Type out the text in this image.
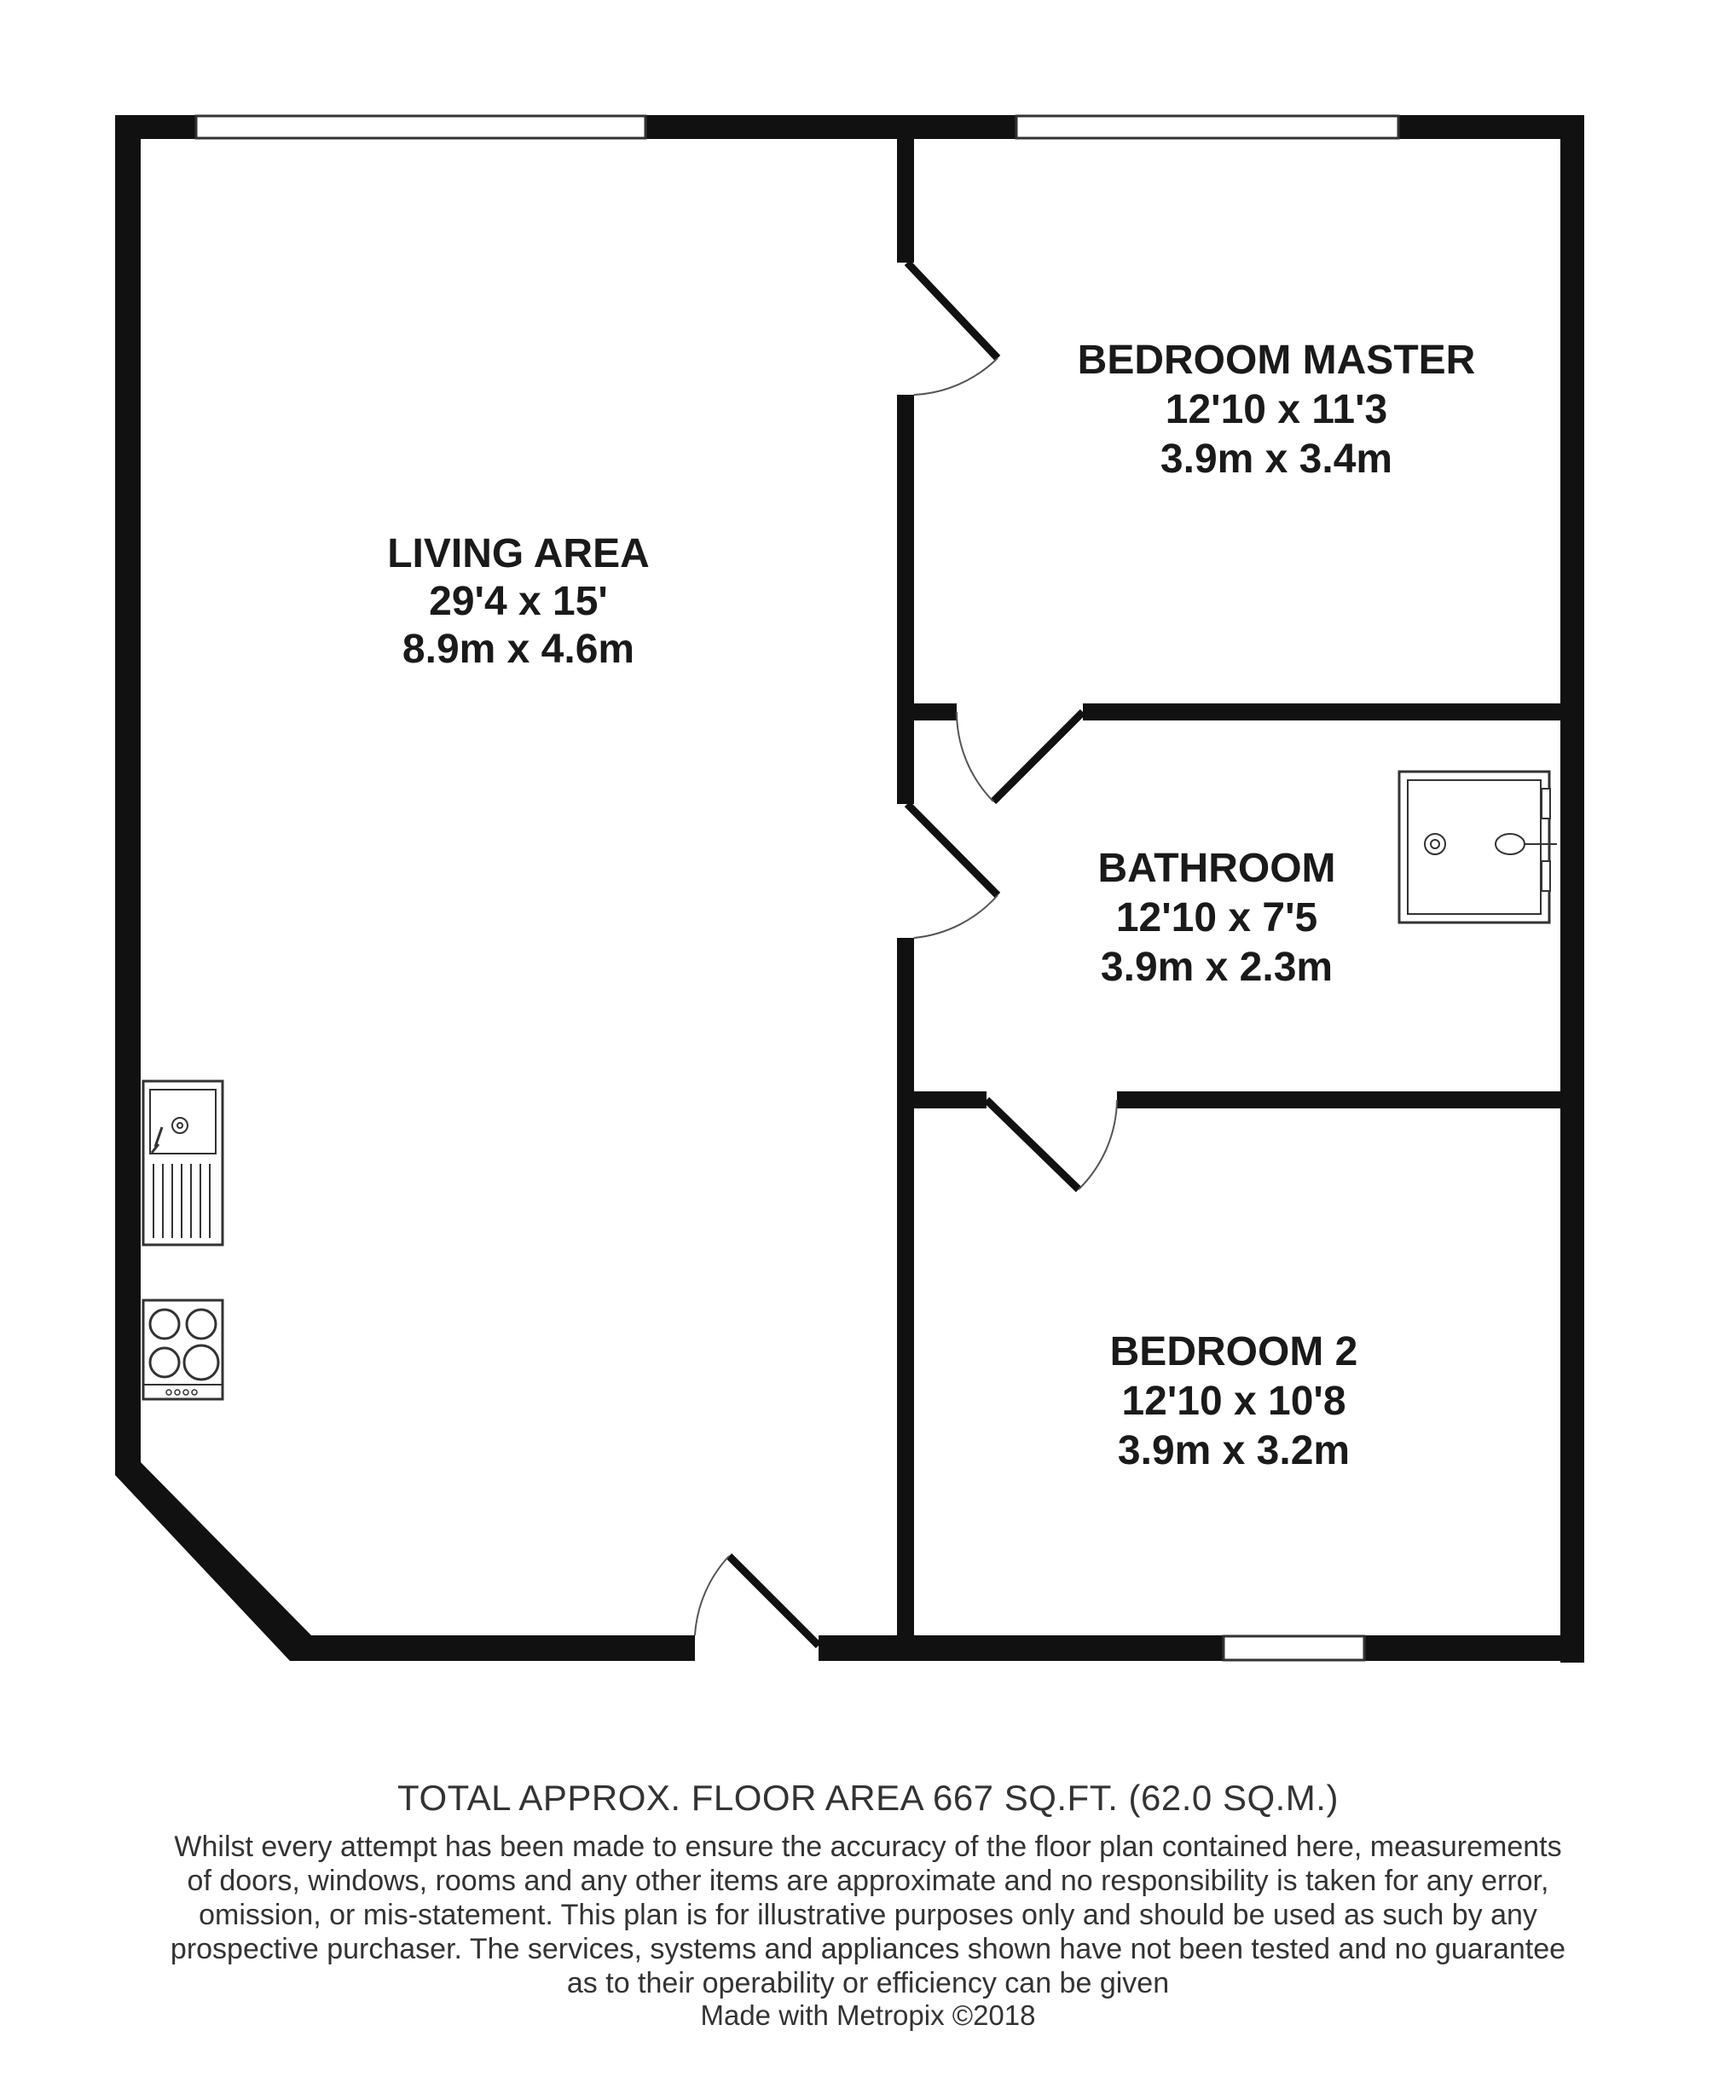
LIVING AREA
29'4 x 15'
8.9m x 4.6m
BEDROOM MASTER
12'10 x 11'3
3.9m x 3.4m
BATHROOM
12'10 x 7'5
3.9m x 2.3m
BEDROOM 2
12'10 x 10'8
3.9m x 3.2m
TOTAL APPROX. FLOOR AREA 667 SQ.FT. (62.0 SQ.M.)
Whilst every attempt has been made to ensure the accuracy of the floor plan contained here, measurements
of doors, windows, rooms and any other items are approximate and no responsibility is taken for any error,
omission, or mis-statement. This plan is for illustrative purposes only and should be used as such by any
prospective purchaser. The services, systems and appliances shown have not been tested and no guarantee
as to their operability or efficiency can be given
Made with Metropix ©2018
